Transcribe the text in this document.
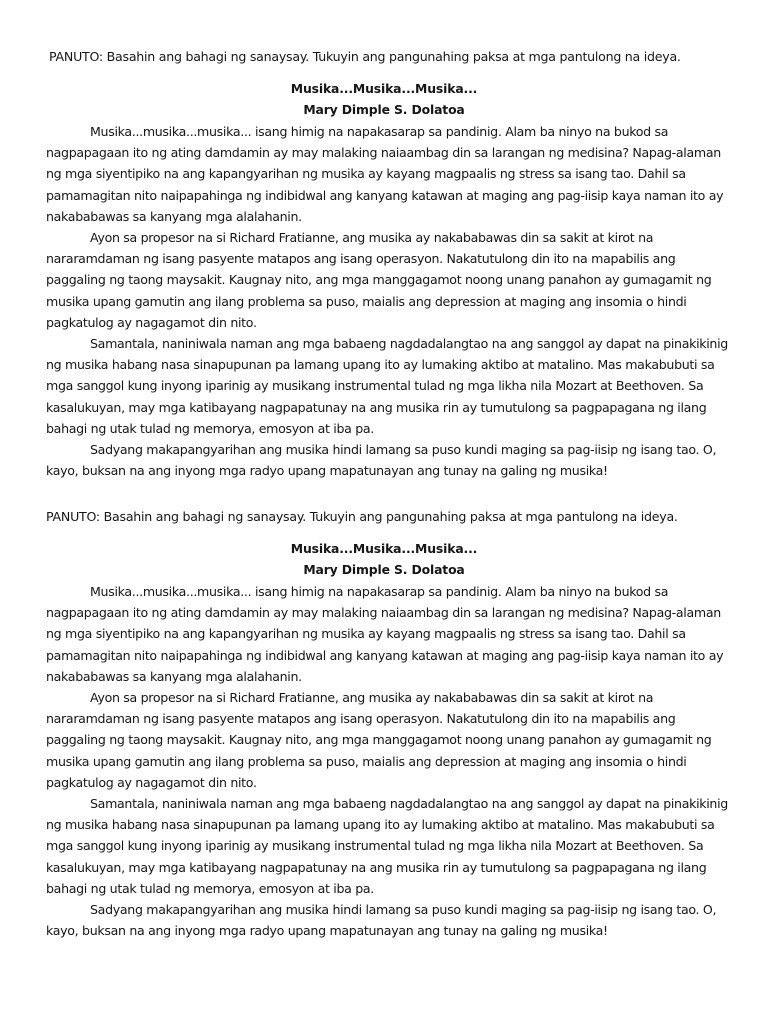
PANUTO: Basahin ang bahagi ng sanaysay. Tukuyin ang pangunahing paksa at mga pantulong na ideya.
Musika...Musika...Musika...
Mary Dimple S. Dolatoa

Musika...musika...musika... isang himig na napakasarap sa pandinig. Alam ba ninyo na bukod sa nagpapagaan ito ng ating damdamin ay may malaking naiaambag din sa larangan ng medisina? Napag-alaman ng mga siyentipiko na ang kapangyarihan ng musika ay kayang magpaalis ng stress sa isang tao. Dahil sa pamamagitan nito naipapahinga ng indibidwal ang kanyang katawan at maging ang pag-iisip kaya naman ito ay nakababawas sa kanyang mga alalahanin.

Ayon sa propesor na si Richard Fratianne, ang musika ay nakababawas din sa sakit at kirot na nararamdaman ng isang pasyente matapos ang isang operasyon. Nakatutulong din ito na mapabilis ang paggaling ng taong maysakit. Kaugnay nito, ang mga manggagamot noong unang panahon ay gumagamit ng musika upang gamutin ang ilang problema sa puso, maialis ang depression at maging ang insomia o hindi pagkatulog ay nagagamot din nito.

Samantala, naniniwala naman ang mga babaeng nagdadalangtao na ang sanggol ay dapat na pinakikinig ng musika habang nasa sinapupunan pa lamang upang ito ay lumaking aktibo at matalino. Mas makabubuti sa mga sanggol kung inyong iparinig ay musikang instrumental tulad ng mga likha nila Mozart at Beethoven. Sa kasalukuyan, may mga katibayang nagpapatunay na ang musika rin ay tumutulong sa pagpapagana ng ilang bahagi ng utak tulad ng memorya, emosyon at iba pa.

Sadyang makapangyarihan ang musika hindi lamang sa puso kundi maging sa pag-iisip ng isang tao. O, kayo, buksan na ang inyong mga radyo upang mapatunayan ang tunay na galing ng musika!

PANUTO: Basahin ang bahagi ng sanaysay. Tukuyin ang pangunahing paksa at mga pantulong na ideya.
Musika...Musika...Musika...
Mary Dimple S. Dolatoa

Musika...musika...musika... isang himig na napakasarap sa pandinig. Alam ba ninyo na bukod sa nagpapagaan ito ng ating damdamin ay may malaking naiaambag din sa larangan ng medisina? Napag-alaman ng mga siyentipiko na ang kapangyarihan ng musika ay kayang magpaalis ng stress sa isang tao. Dahil sa pamamagitan nito naipapahinga ng indibidwal ang kanyang katawan at maging ang pag-iisip kaya naman ito ay nakababawas sa kanyang mga alalahanin.

Ayon sa propesor na si Richard Fratianne, ang musika ay nakababawas din sa sakit at kirot na nararamdaman ng isang pasyente matapos ang isang operasyon. Nakatutulong din ito na mapabilis ang paggaling ng taong maysakit. Kaugnay nito, ang mga manggagamot noong unang panahon ay gumagamit ng musika upang gamutin ang ilang problema sa puso, maialis ang depression at maging ang insomia o hindi pagkatulog ay nagagamot din nito.

Samantala, naniniwala naman ang mga babaeng nagdadalangtao na ang sanggol ay dapat na pinakikinig ng musika habang nasa sinapupunan pa lamang upang ito ay lumaking aktibo at matalino. Mas makabubuti sa mga sanggol kung inyong iparinig ay musikang instrumental tulad ng mga likha nila Mozart at Beethoven. Sa kasalukuyan, may mga katibayang nagpapatunay na ang musika rin ay tumutulong sa pagpapagana ng ilang bahagi ng utak tulad ng memorya, emosyon at iba pa.

Sadyang makapangyarihan ang musika hindi lamang sa puso kundi maging sa pag-iisip ng isang tao. O, kayo, buksan na ang inyong mga radyo upang mapatunayan ang tunay na galing ng musika!
